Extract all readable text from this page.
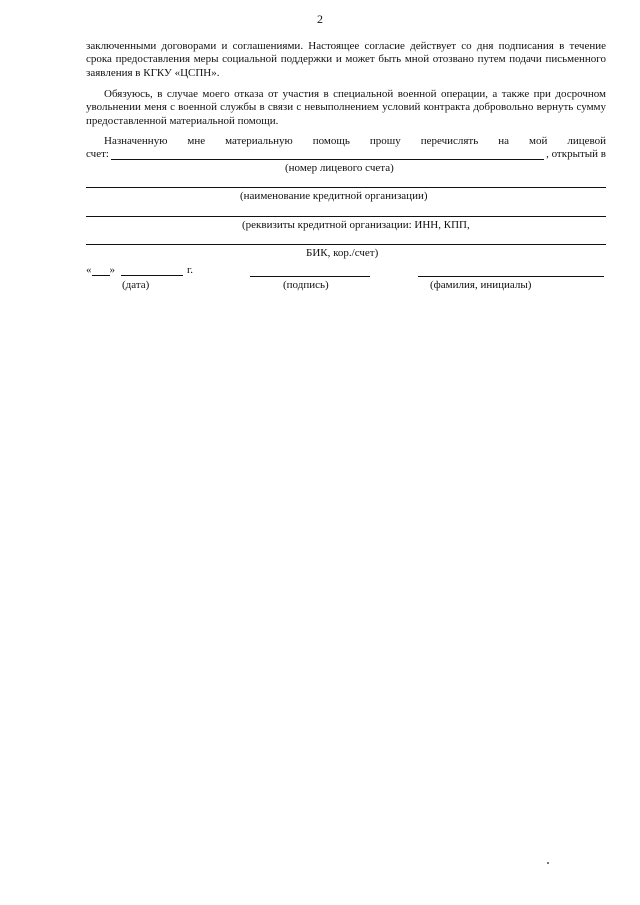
2
заключенными договорами и соглашениями. Настоящее согласие действует со дня подписания в течение срока предоставления меры социальной поддержки и может быть мной отозвано путем подачи письменного заявления в КГКУ «ЦСПН».
Обязуюсь, в случае моего отказа от участия в специальной военной операции, а также при досрочном увольнении меня с военной службы в связи с невыполнением условий контракта добровольно вернуть сумму предоставленной материальной помощи.
Назначенную мне материальную помощь прошу перечислять на мой лицевой
счет:	, открытый в
(номер лицевого счета)
(наименование кредитной организации)
(реквизиты кредитной организации: ИНН, КПП,
БИК, кор./счет)
« »	г.
(дата)	(подпись)	(фамилия, инициалы)
